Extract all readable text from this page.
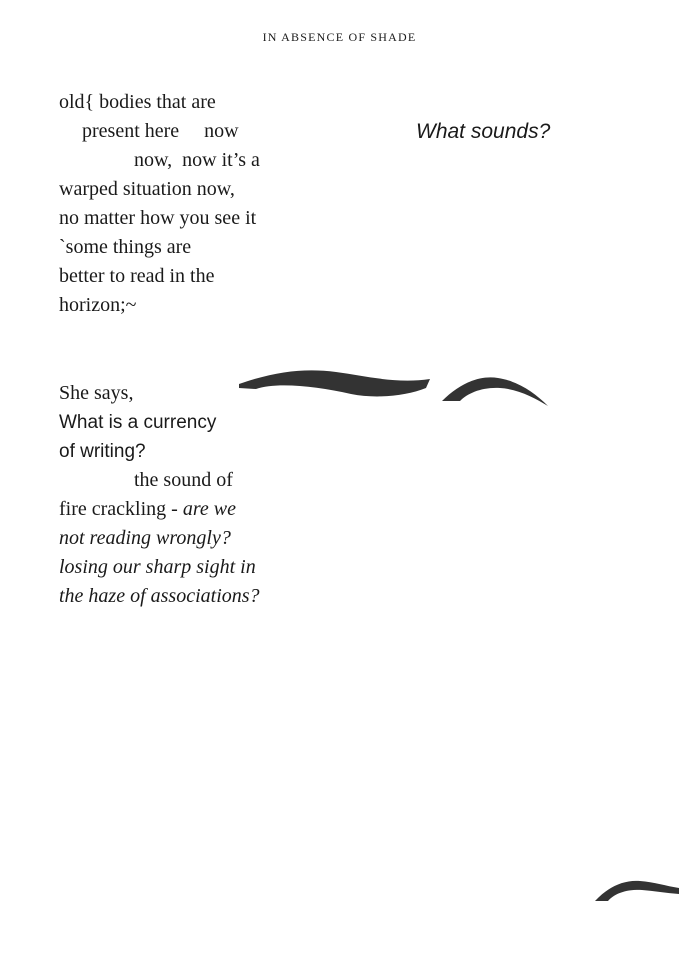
IN ABSENCE OF SHADE
old{ bodies that are
present here     now
now,  now it’s a
warped situation now,
no matter how you see it
`some things are
better to read in the
horizon;~
What sounds?
She says,
What is a currency
of writing?
the sound of
fire crackling - are we
not reading wrongly?
losing our sharp sight in
the haze of associations?
